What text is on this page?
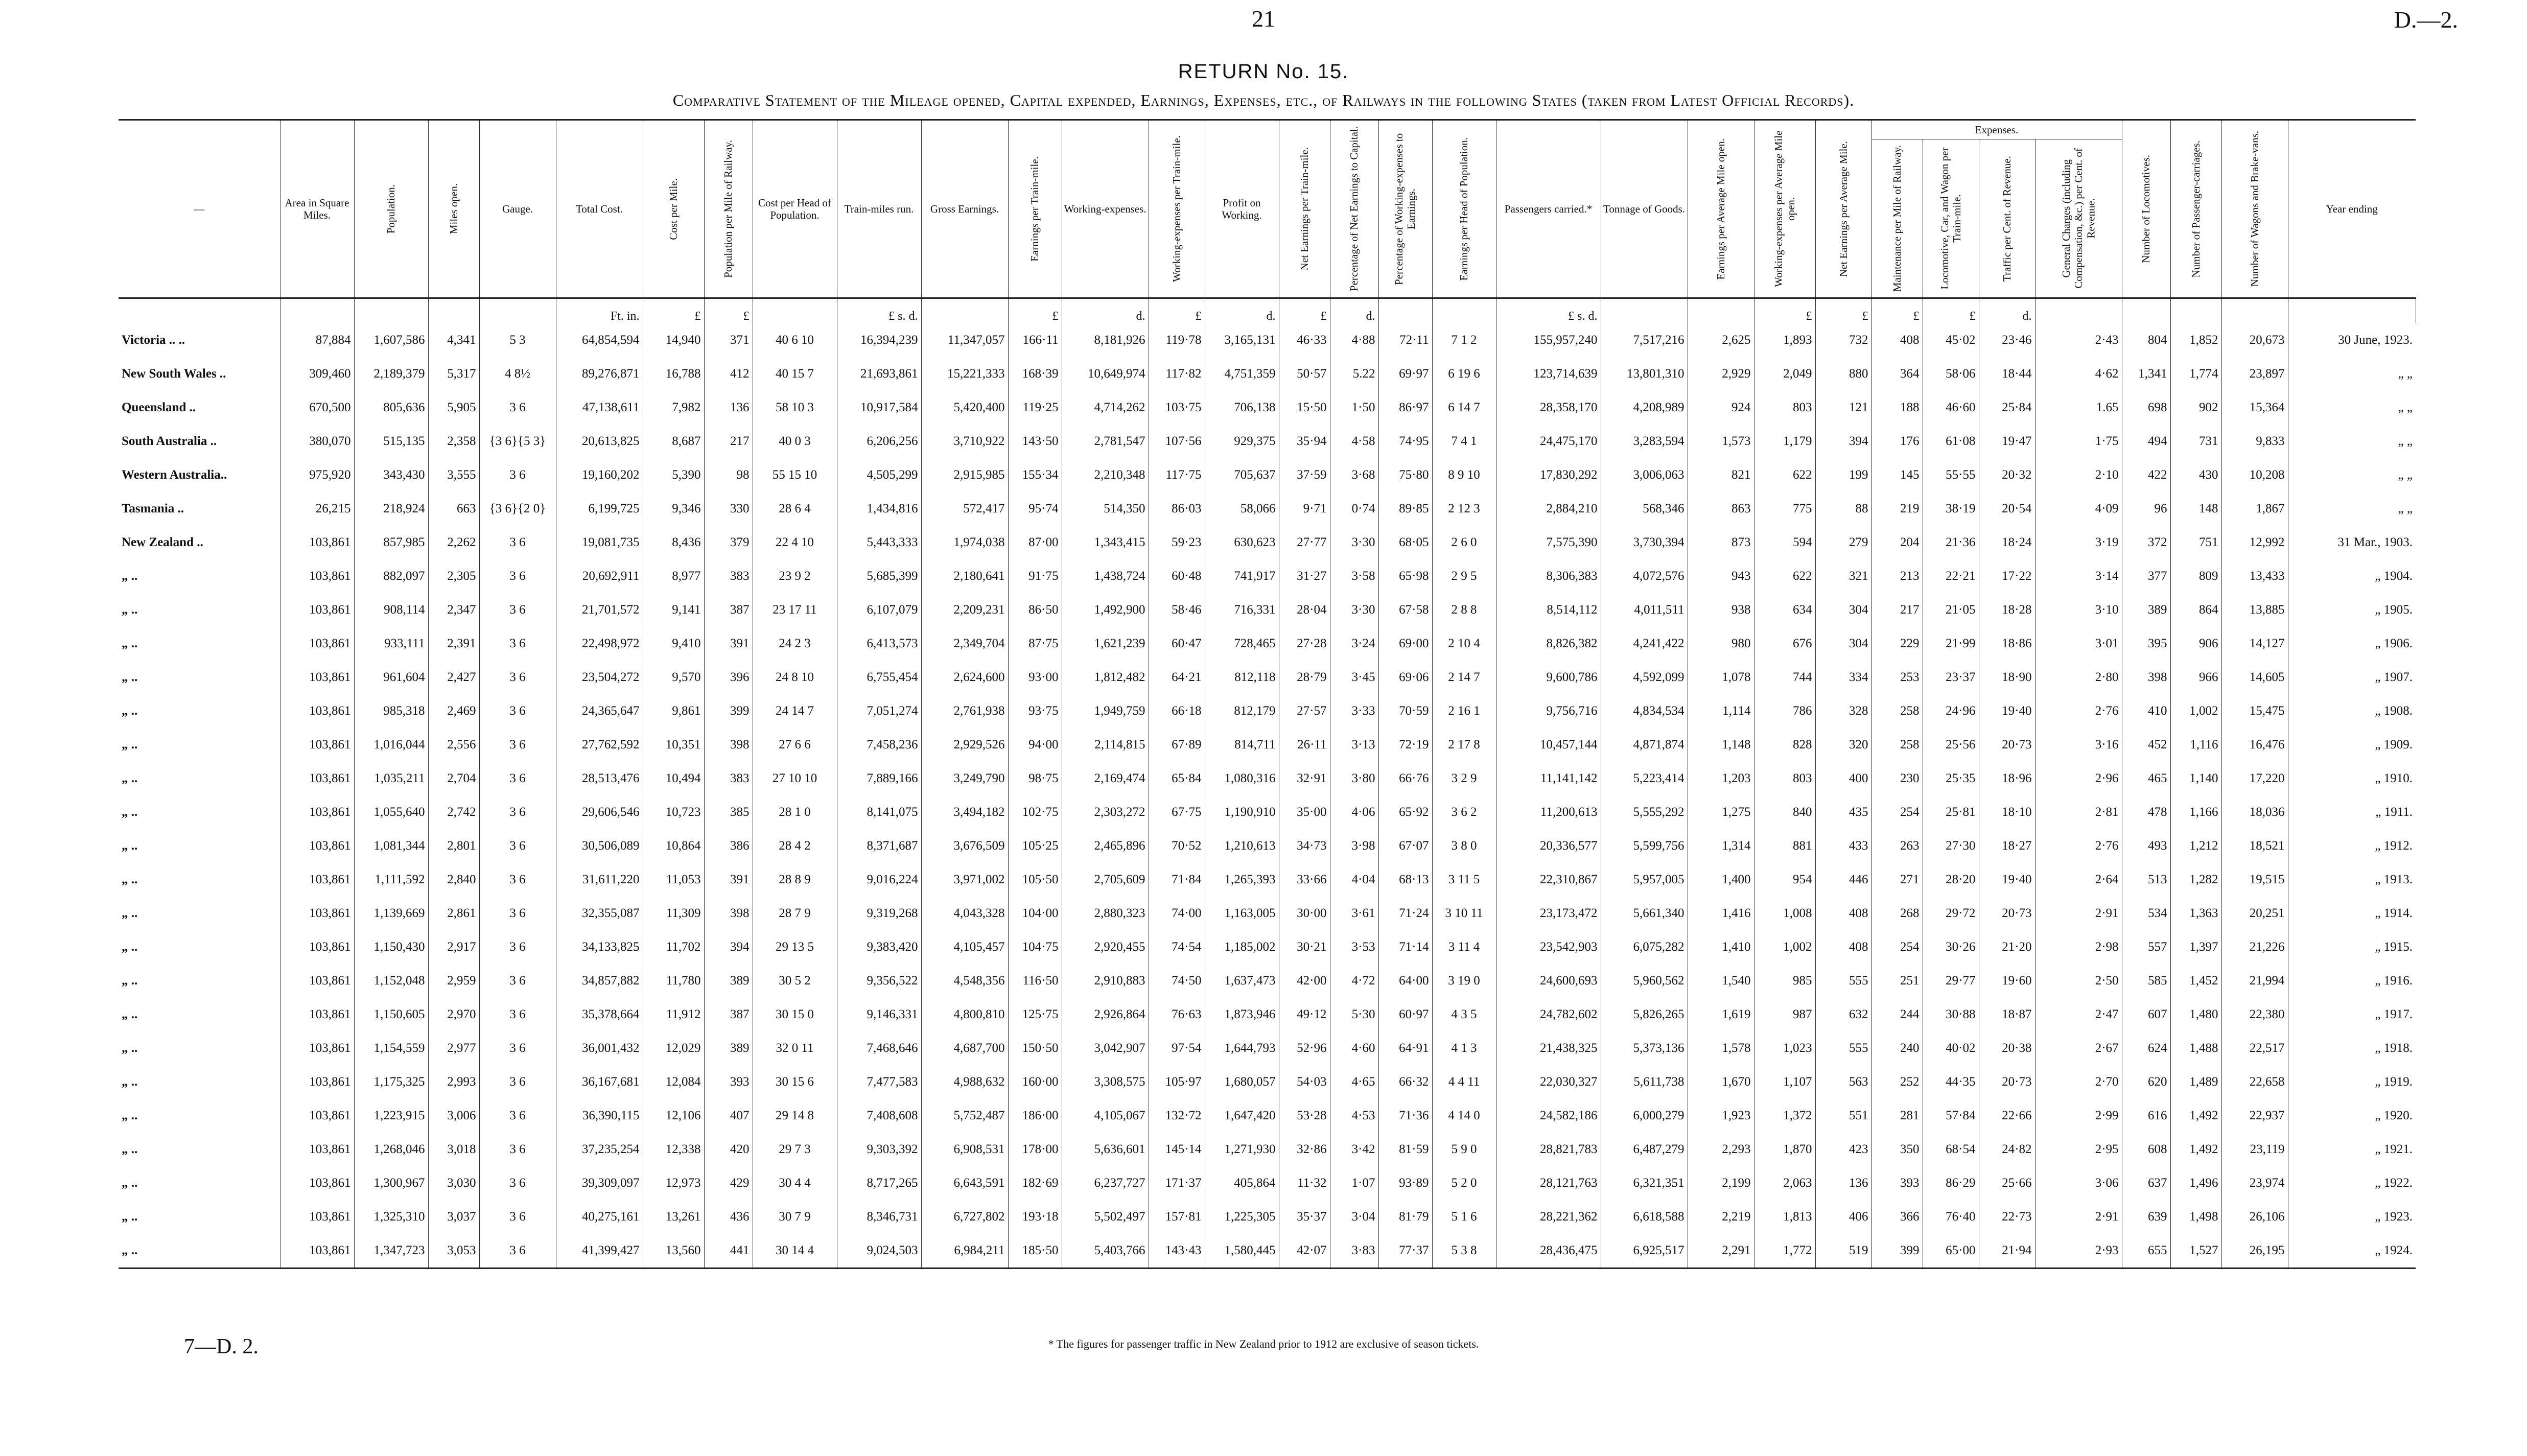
21	D.—2.
RETURN No. 15.
Comparative Statement of the Mileage opened, Capital expended, Earnings, Expenses, etc., of Railways in the following States (taken from Latest Official Records).
—	Area in Square Miles.	Population.	Miles open.	Gauge.	Total Cost.	Cost per Mile.	Population per Mile of Railway.	Cost per Head of Population.	Train-miles run.	Gross Earnings.	Earnings per Train-mile.	Working-expenses.	Working-expenses per Train-mile.	Profit on Working.	Net Earnings per Train-mile.	Percentage of Net Earnings to Capital.	Percentage of Working-expenses to Earnings.	Earnings per Head of Population.	Passengers carried.*	Tonnage of Goods.	Earnings per Average Mile open.	Working-expenses per Average Mile open.	Net Earnings per Average Mile.	Expenses.				Number of Locomotives.	Number of Passenger-carriages.	Number of Wagons and Brake-vans.	Year ending	

																								Maintenance per Mile of Railway.	Locomotive, Car, and Wagon per Train-mile.	Traffic per Cent. of Revenue.	General Charges (including Compensation, &c.) per Cent. of Revenue.					

					Ft. in.	£	£		£ s. d.		£	d.	£	d.	£	d.			£ s. d.			£	£	£	£	d.						
Victoria .. ..	87,884	1,607,586	4,341	5 3	64,854,594	14,940	371	40 6 10	16,394,239	11,347,057	166·11	8,181,926	119·78	3,165,131	46·33	4·88	72·11	7 1 2	155,957,240	7,517,216	2,625	1,893	732	408	45·02	23·46	2·43	804	1,852	20,673	30 June, 1923.	
New South Wales ..	309,460	2,189,379	5,317	4 8½	89,276,871	16,788	412	40 15 7	21,693,861	15,221,333	168·39	10,649,974	117·82	4,751,359	50·57	5.22	69·97	6 19 6	123,714,639	13,801,310	2,929	2,049	880	364	58·06	18·44	4·62	1,341	1,774	23,897	„ „	
Queensland ..	670,500	805,636	5,905	3 6	47,138,611	7,982	136	58 10 3	10,917,584	5,420,400	119·25	4,714,262	103·75	706,138	15·50	1·50	86·97	6 14 7	28,358,170	4,208,989	924	803	121	188	46·60	25·84	1.65	698	902	15,364	„ „	
South Australia ..	380,070	515,135	2,358	{3 6}{5 3}	20,613,825	8,687	217	40 0 3	6,206,256	3,710,922	143·50	2,781,547	107·56	929,375	35·94	4·58	74·95	7 4 1	24,475,170	3,283,594	1,573	1,179	394	176	61·08	19·47	1·75	494	731	9,833	„ „	
Western Australia..	975,920	343,430	3,555	3 6	19,160,202	5,390	98	55 15 10	4,505,299	2,915,985	155·34	2,210,348	117·75	705,637	37·59	3·68	75·80	8 9 10	17,830,292	3,006,063	821	622	199	145	55·55	20·32	2·10	422	430	10,208	„ „	
Tasmania ..	26,215	218,924	663	{3 6}{2 0}	6,199,725	9,346	330	28 6 4	1,434,816	572,417	95·74	514,350	86·03	58,066	9·71	0·74	89·85	2 12 3	2,884,210	568,346	863	775	88	219	38·19	20·54	4·09	96	148	1,867	„ „	
New Zealand ..	103,861	857,985	2,262	3 6	19,081,735	8,436	379	22 4 10	5,443,333	1,974,038	87·00	1,343,415	59·23	630,623	27·77	3·30	68·05	2 6 0	7,575,390	3,730,394	873	594	279	204	21·36	18·24	3·19	372	751	12,992	31 Mar., 1903.	
„ ..	103,861	882,097	2,305	3 6	20,692,911	8,977	383	23 9 2	5,685,399	2,180,641	91·75	1,438,724	60·48	741,917	31·27	3·58	65·98	2 9 5	8,306,383	4,072,576	943	622	321	213	22·21	17·22	3·14	377	809	13,433	„ 1904.	
„ ..	103,861	908,114	2,347	3 6	21,701,572	9,141	387	23 17 11	6,107,079	2,209,231	86·50	1,492,900	58·46	716,331	28·04	3·30	67·58	2 8 8	8,514,112	4,011,511	938	634	304	217	21·05	18·28	3·10	389	864	13,885	„ 1905.	
„ ..	103,861	933,111	2,391	3 6	22,498,972	9,410	391	24 2 3	6,413,573	2,349,704	87·75	1,621,239	60·47	728,465	27·28	3·24	69·00	2 10 4	8,826,382	4,241,422	980	676	304	229	21·99	18·86	3·01	395	906	14,127	„ 1906.	
„ ..	103,861	961,604	2,427	3 6	23,504,272	9,570	396	24 8 10	6,755,454	2,624,600	93·00	1,812,482	64·21	812,118	28·79	3·45	69·06	2 14 7	9,600,786	4,592,099	1,078	744	334	253	23·37	18·90	2·80	398	966	14,605	„ 1907.	
„ ..	103,861	985,318	2,469	3 6	24,365,647	9,861	399	24 14 7	7,051,274	2,761,938	93·75	1,949,759	66·18	812,179	27·57	3·33	70·59	2 16 1	9,756,716	4,834,534	1,114	786	328	258	24·96	19·40	2·76	410	1,002	15,475	„ 1908.	
„ ..	103,861	1,016,044	2,556	3 6	27,762,592	10,351	398	27 6 6	7,458,236	2,929,526	94·00	2,114,815	67·89	814,711	26·11	3·13	72·19	2 17 8	10,457,144	4,871,874	1,148	828	320	258	25·56	20·73	3·16	452	1,116	16,476	„ 1909.	
„ ..	103,861	1,035,211	2,704	3 6	28,513,476	10,494	383	27 10 10	7,889,166	3,249,790	98·75	2,169,474	65·84	1,080,316	32·91	3·80	66·76	3 2 9	11,141,142	5,223,414	1,203	803	400	230	25·35	18·96	2·96	465	1,140	17,220	„ 1910.	
„ ..	103,861	1,055,640	2,742	3 6	29,606,546	10,723	385	28 1 0	8,141,075	3,494,182	102·75	2,303,272	67·75	1,190,910	35·00	4·06	65·92	3 6 2	11,200,613	5,555,292	1,275	840	435	254	25·81	18·10	2·81	478	1,166	18,036	„ 1911.	
„ ..	103,861	1,081,344	2,801	3 6	30,506,089	10,864	386	28 4 2	8,371,687	3,676,509	105·25	2,465,896	70·52	1,210,613	34·73	3·98	67·07	3 8 0	20,336,577	5,599,756	1,314	881	433	263	27·30	18·27	2·76	493	1,212	18,521	„ 1912.	
„ ..	103,861	1,111,592	2,840	3 6	31,611,220	11,053	391	28 8 9	9,016,224	3,971,002	105·50	2,705,609	71·84	1,265,393	33·66	4·04	68·13	3 11 5	22,310,867	5,957,005	1,400	954	446	271	28·20	19·40	2·64	513	1,282	19,515	„ 1913.	
„ ..	103,861	1,139,669	2,861	3 6	32,355,087	11,309	398	28 7 9	9,319,268	4,043,328	104·00	2,880,323	74·00	1,163,005	30·00	3·61	71·24	3 10 11	23,173,472	5,661,340	1,416	1,008	408	268	29·72	20·73	2·91	534	1,363	20,251	„ 1914.	
„ ..	103,861	1,150,430	2,917	3 6	34,133,825	11,702	394	29 13 5	9,383,420	4,105,457	104·75	2,920,455	74·54	1,185,002	30·21	3·53	71·14	3 11 4	23,542,903	6,075,282	1,410	1,002	408	254	30·26	21·20	2·98	557	1,397	21,226	„ 1915.	
„ ..	103,861	1,152,048	2,959	3 6	34,857,882	11,780	389	30 5 2	9,356,522	4,548,356	116·50	2,910,883	74·50	1,637,473	42·00	4·72	64·00	3 19 0	24,600,693	5,960,562	1,540	985	555	251	29·77	19·60	2·50	585	1,452	21,994	„ 1916.	
„ ..	103,861	1,150,605	2,970	3 6	35,378,664	11,912	387	30 15 0	9,146,331	4,800,810	125·75	2,926,864	76·63	1,873,946	49·12	5·30	60·97	4 3 5	24,782,602	5,826,265	1,619	987	632	244	30·88	18·87	2·47	607	1,480	22,380	„ 1917.	
„ ..	103,861	1,154,559	2,977	3 6	36,001,432	12,029	389	32 0 11	7,468,646	4,687,700	150·50	3,042,907	97·54	1,644,793	52·96	4·60	64·91	4 1 3	21,438,325	5,373,136	1,578	1,023	555	240	40·02	20·38	2·67	624	1,488	22,517	„ 1918.	
„ ..	103,861	1,175,325	2,993	3 6	36,167,681	12,084	393	30 15 6	7,477,583	4,988,632	160·00	3,308,575	105·97	1,680,057	54·03	4·65	66·32	4 4 11	22,030,327	5,611,738	1,670	1,107	563	252	44·35	20·73	2·70	620	1,489	22,658	„ 1919.	
„ ..	103,861	1,223,915	3,006	3 6	36,390,115	12,106	407	29 14 8	7,408,608	5,752,487	186·00	4,105,067	132·72	1,647,420	53·28	4·53	71·36	4 14 0	24,582,186	6,000,279	1,923	1,372	551	281	57·84	22·66	2·99	616	1,492	22,937	„ 1920.	
„ ..	103,861	1,268,046	3,018	3 6	37,235,254	12,338	420	29 7 3	9,303,392	6,908,531	178·00	5,636,601	145·14	1,271,930	32·86	3·42	81·59	5 9 0	28,821,783	6,487,279	2,293	1,870	423	350	68·54	24·82	2·95	608	1,492	23,119	„ 1921.	
„ ..	103,861	1,300,967	3,030	3 6	39,309,097	12,973	429	30 4 4	8,717,265	6,643,591	182·69	6,237,727	171·37	405,864	11·32	1·07	93·89	5 2 0	28,121,763	6,321,351	2,199	2,063	136	393	86·29	25·66	3·06	637	1,496	23,974	„ 1922.	
„ ..	103,861	1,325,310	3,037	3 6	40,275,161	13,261	436	30 7 9	8,346,731	6,727,802	193·18	5,502,497	157·81	1,225,305	35·37	3·04	81·79	5 1 6	28,221,362	6,618,588	2,219	1,813	406	366	76·40	22·73	2·91	639	1,498	26,106	„ 1923.	
„ ..	103,861	1,347,723	3,053	3 6	41,399,427	13,560	441	30 14 4	9,024,503	6,984,211	185·50	5,403,766	143·43	1,580,445	42·07	3·83	77·37	5 3 8	28,436,475	6,925,517	2,291	1,772	519	399	65·00	21·94	2·93	655	1,527	26,195	„ 1924.	
7—D. 2.	* The figures for passenger traffic in New Zealand prior to 1912 are exclusive of season tickets.
